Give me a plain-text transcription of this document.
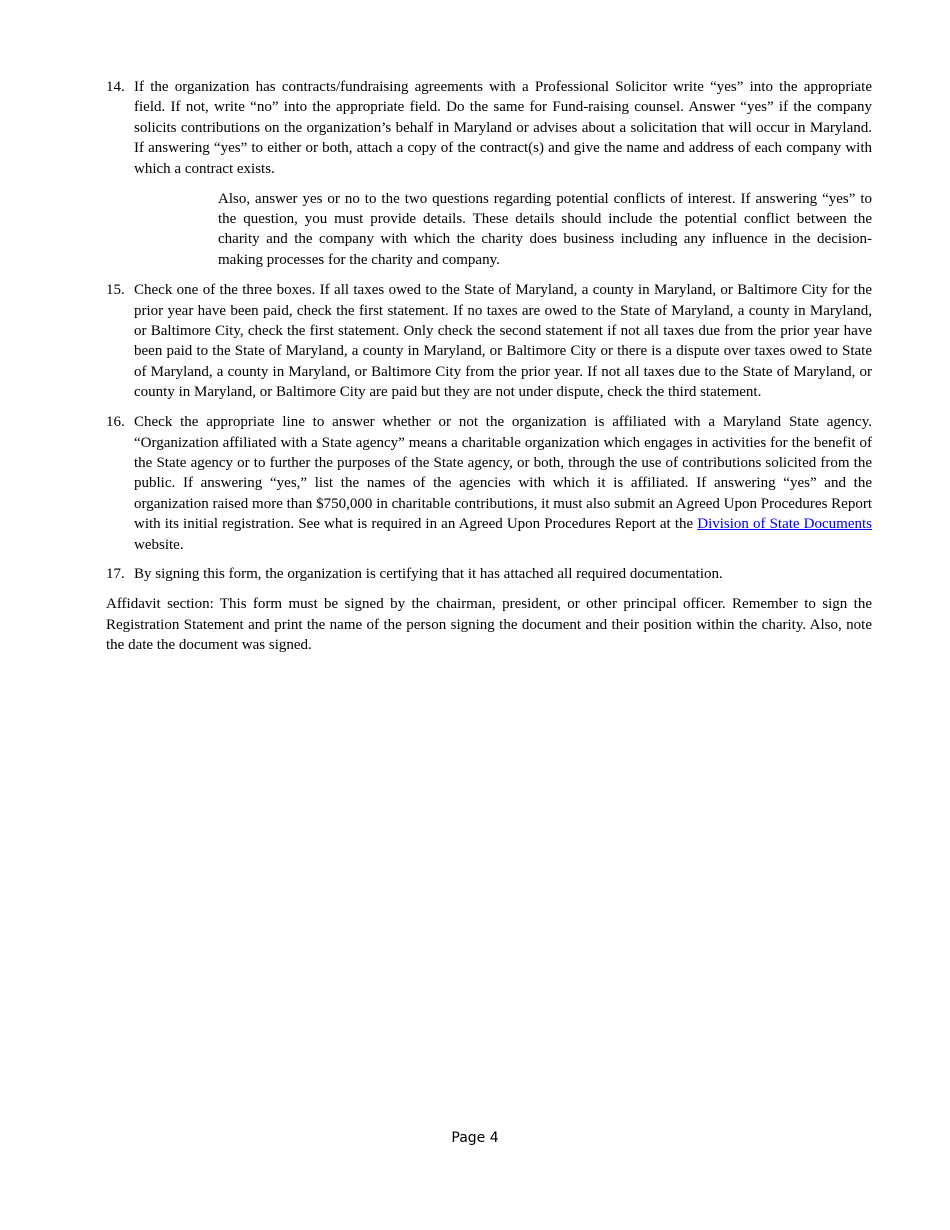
14. If the organization has contracts/fundraising agreements with a Professional Solicitor write “yes” into the appropriate field. If not, write “no” into the appropriate field. Do the same for Fund-raising counsel. Answer “yes” if the company solicits contributions on the organization’s behalf in Maryland or advises about a solicitation that will occur in Maryland. If answering “yes” to either or both, attach a copy of the contract(s) and give the name and address of each company with which a contract exists.
Also, answer yes or no to the two questions regarding potential conflicts of interest. If answering “yes” to the question, you must provide details. These details should include the potential conflict between the charity and the company with which the charity does business including any influence in the decision-making processes for the charity and company.
15. Check one of the three boxes. If all taxes owed to the State of Maryland, a county in Maryland, or Baltimore City for the prior year have been paid, check the first statement. If no taxes are owed to the State of Maryland, a county in Maryland, or Baltimore City, check the first statement. Only check the second statement if not all taxes due from the prior year have been paid to the State of Maryland, a county in Maryland, or Baltimore City or there is a dispute over taxes owed to State of Maryland, a county in Maryland, or Baltimore City from the prior year. If not all taxes due to the State of Maryland, or county in Maryland, or Baltimore City are paid but they are not under dispute, check the third statement.
16. Check the appropriate line to answer whether or not the organization is affiliated with a Maryland State agency. “Organization affiliated with a State agency” means a charitable organization which engages in activities for the benefit of the State agency or to further the purposes of the State agency, or both, through the use of contributions solicited from the public. If answering “yes,” list the names of the agencies with which it is affiliated. If answering “yes” and the organization raised more than $750,000 in charitable contributions, it must also submit an Agreed Upon Procedures Report with its initial registration. See what is required in an Agreed Upon Procedures Report at the Division of State Documents website.
17. By signing this form, the organization is certifying that it has attached all required documentation.

Affidavit section: This form must be signed by the chairman, president, or other principal officer. Remember to sign the Registration Statement and print the name of the person signing the document and their position within the charity. Also, note the date the document was signed.

Page 4
